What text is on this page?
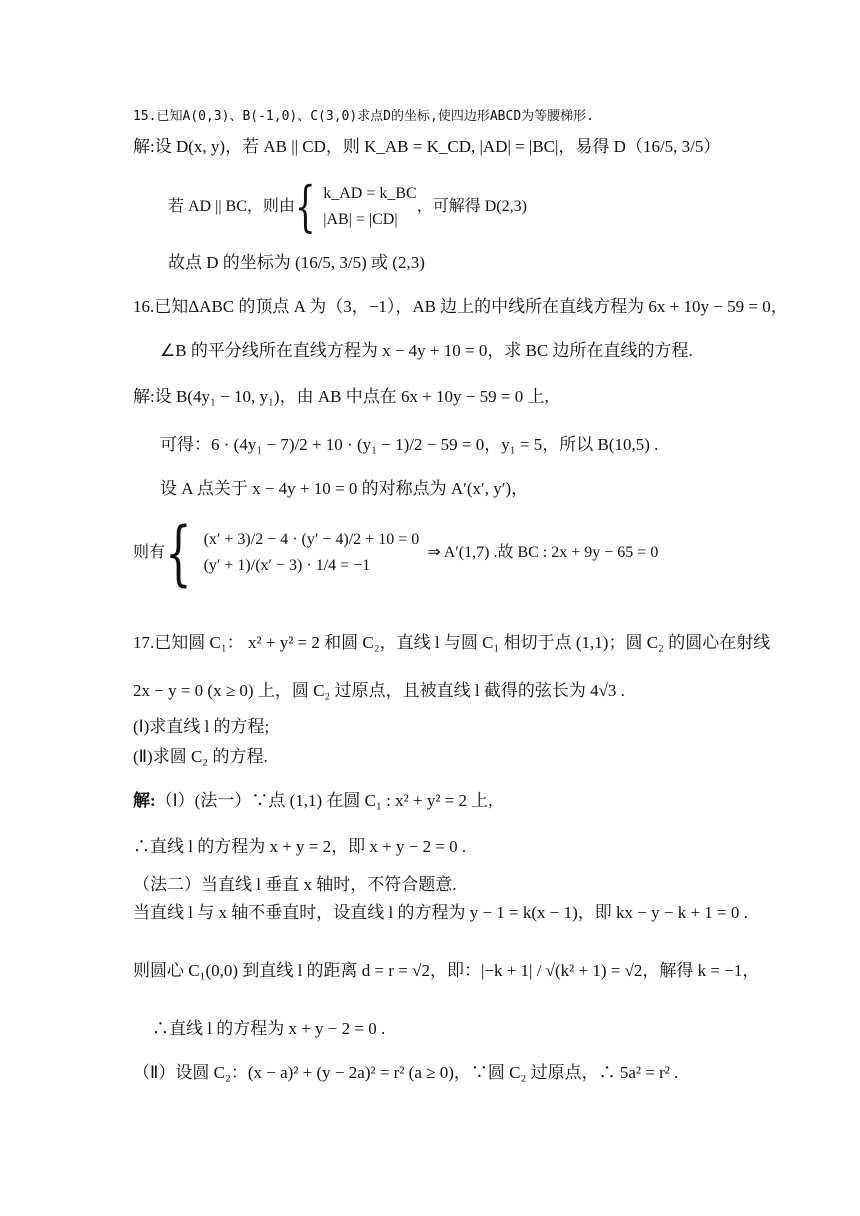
15.已知A(0,3)、B(-1,0)、C(3,0)求点D的坐标,使四边形ABCD为等腰梯形.
解:设 D(x, y)，若 AB || CD，则 K_AB = K_CD, |AD| = |BC|，易得 D（16/5, 3/5）
若 AD || BC，则由 { k_AD = k_BC
|AB| = |CD|
，可解得 D(2,3)
故点 D 的坐标为 (16/5, 3/5) 或 (2,3)
16.已知ΔABC 的顶点 A 为（3，−1），AB 边上的中线所在直线方程为 6x + 10y − 59 = 0，
∠B 的平分线所在直线方程为 x − 4y + 10 = 0，求 BC 边所在直线的方程.
解:设 B(4y₁ − 10, y₁)，由 AB 中点在 6x + 10y − 59 = 0 上,
可得：6 · (4y₁ − 7)/2 + 10 · (y₁ − 1)/2 − 59 = 0，y₁ = 5，所以 B(10,5) .
设 A 点关于 x − 4y + 10 = 0 的对称点为 A′(x′, y′)，
则有 { (x′ + 3)/2 − 4 · (y′ − 4)/2 + 10 = 0
(y′ + 1)/(x′ − 3) · 1/4 = −1
⇒ A′(1,7) .故 BC : 2x + 9y − 65 = 0
17.已知圆 C₁： x² + y² = 2 和圆 C₂，直线 l 与圆 C₁ 相切于点 (1,1)；圆 C₂ 的圆心在射线
2x − y = 0 (x ≥ 0) 上，圆 C₂ 过原点，且被直线 l 截得的弦长为 4√3 .
(Ⅰ)求直线 l 的方程;
(Ⅱ)求圆 C₂ 的方程.
解:（Ⅰ）(法一）∵点 (1,1) 在圆 C₁ : x² + y² = 2 上,
∴直线 l 的方程为 x + y = 2，即 x + y − 2 = 0 .
（法二）当直线 l 垂直 x 轴时，不符合题意.
当直线 l 与 x 轴不垂直时，设直线 l 的方程为 y − 1 = k(x − 1)，即 kx − y − k + 1 = 0 .
则圆心 C₁(0,0) 到直线 l 的距离 d = r = √2，即：|−k + 1| / √(k² + 1) = √2，解得 k = −1，
∴直线 l 的方程为 x + y − 2 = 0 .
（Ⅱ）设圆 C₂：(x − a)² + (y − 2a)² = r² (a ≥ 0)，∵圆 C₂ 过原点，∴ 5a² = r² .
